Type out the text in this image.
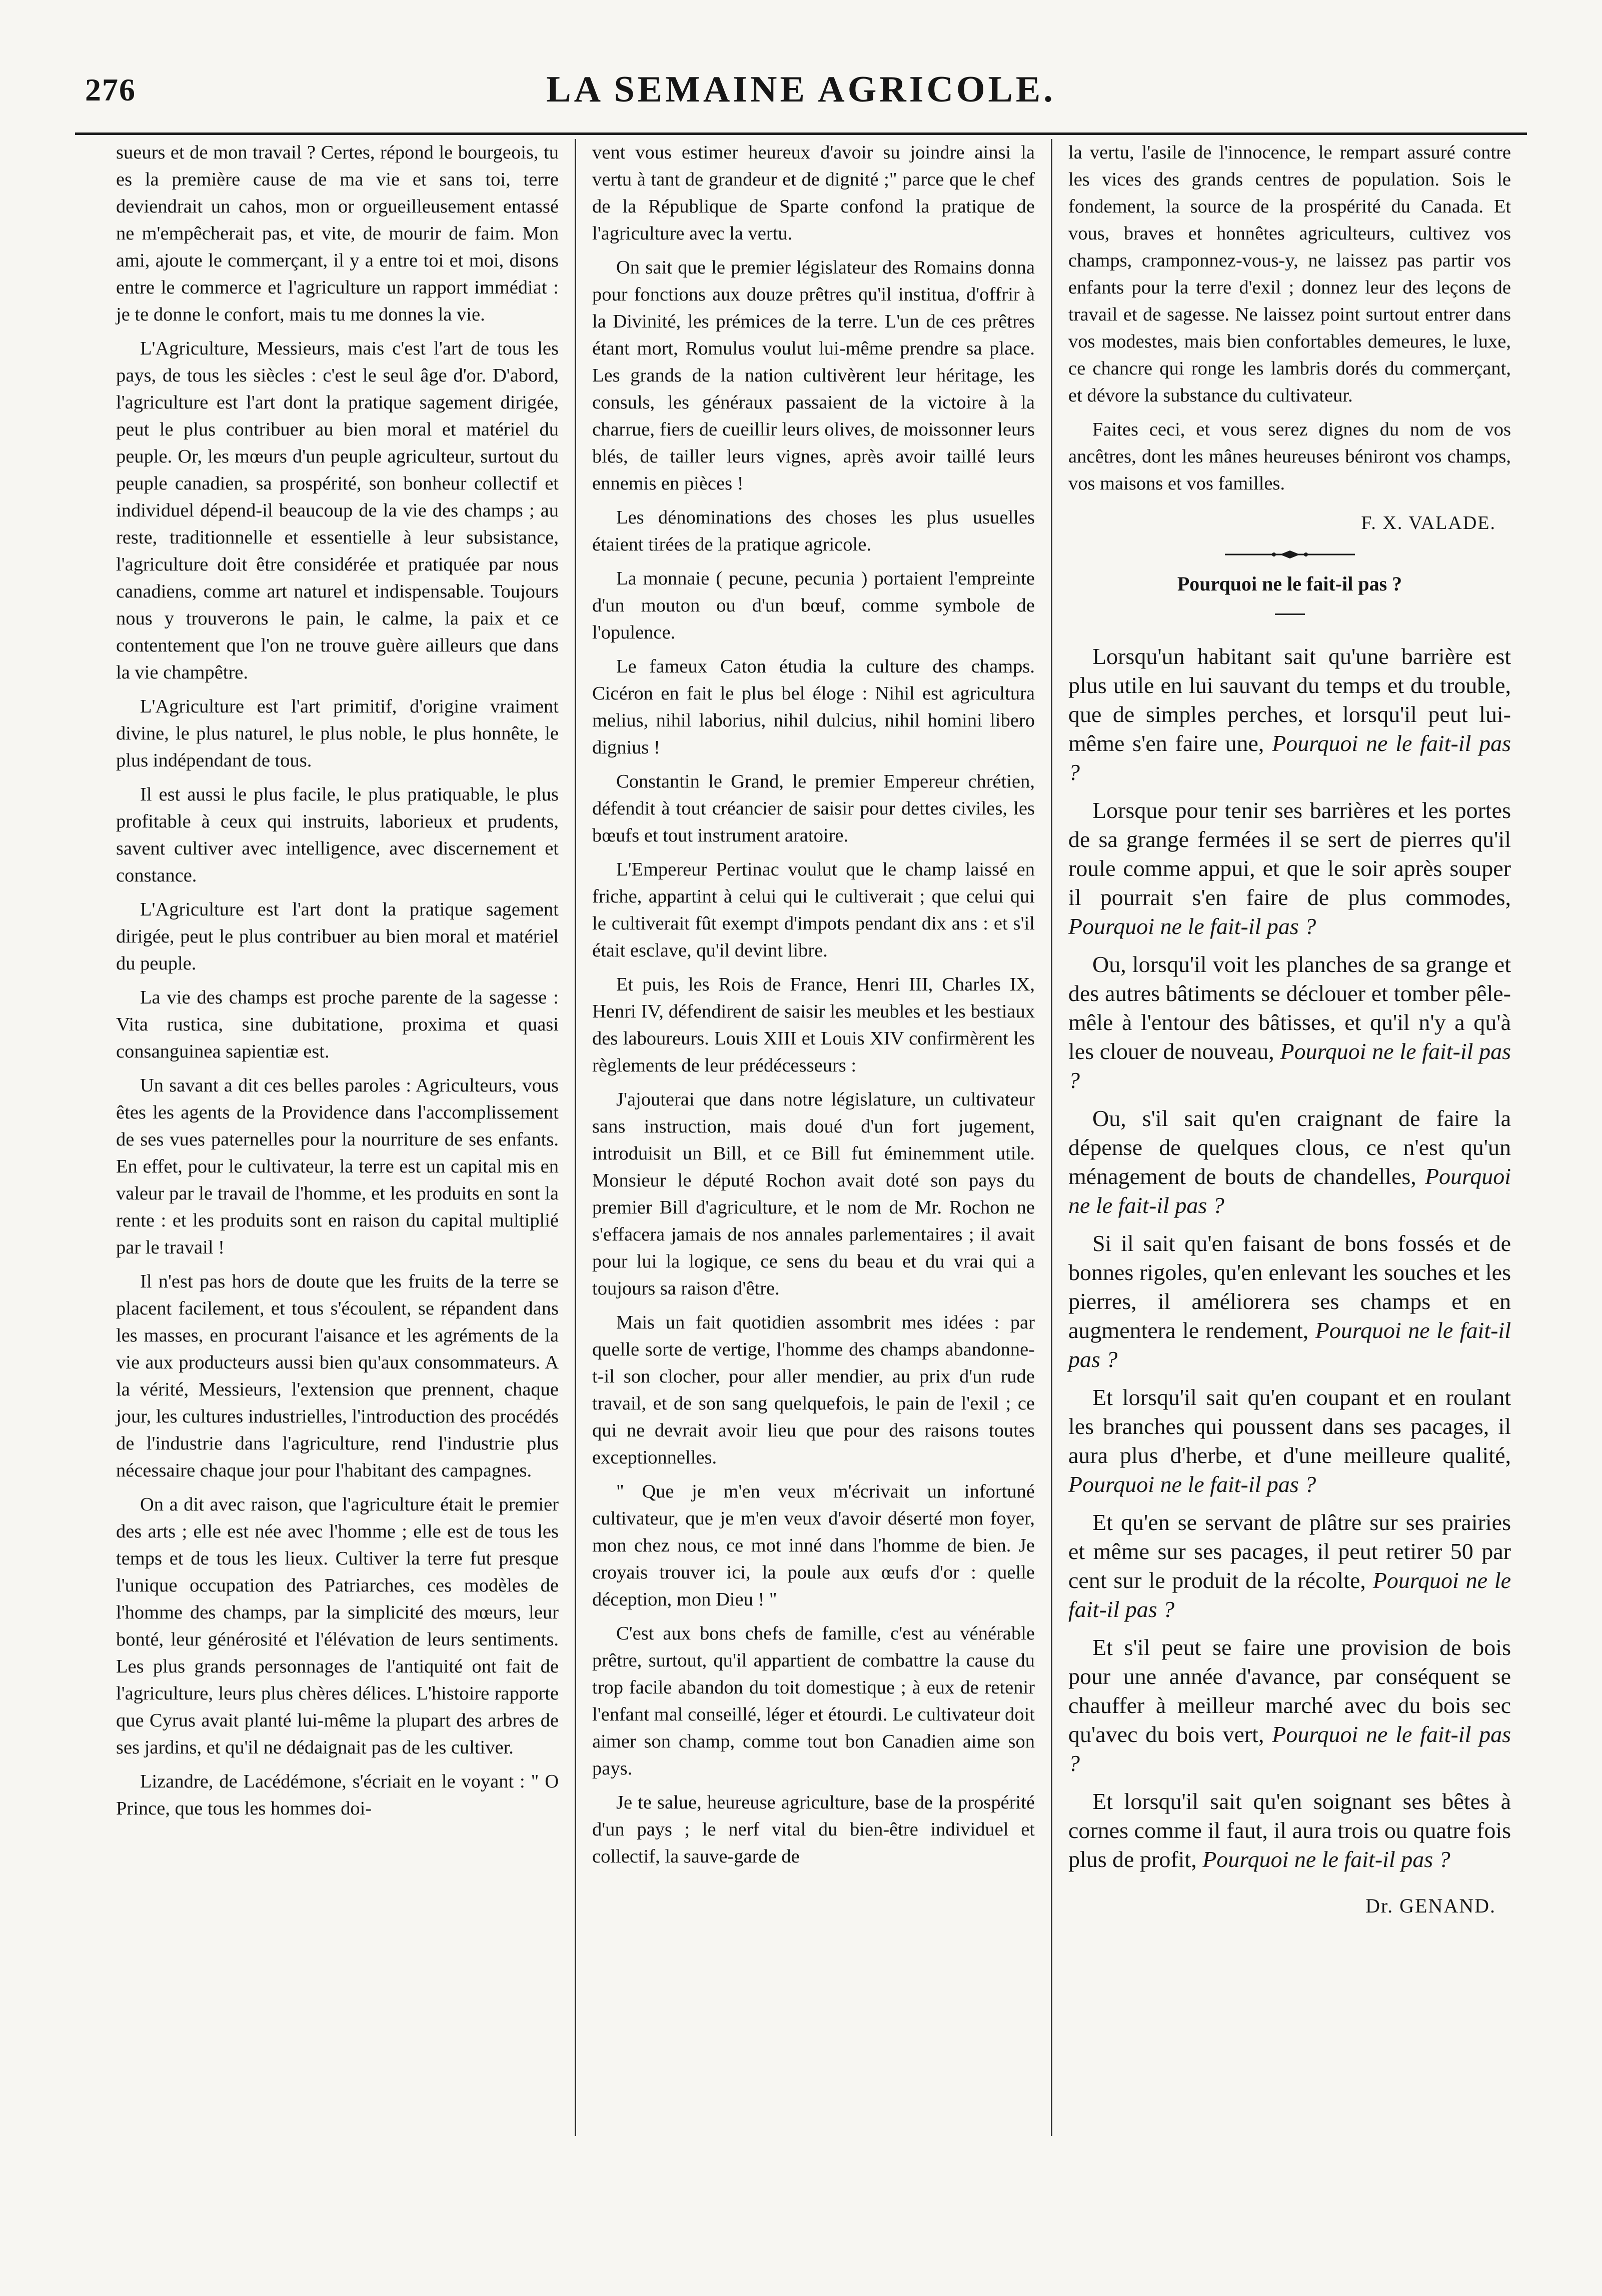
276	LA SEMAINE AGRICOLE.

sueurs et de mon travail ? Certes, répond le bourgeois, tu es la première cause de ma vie et sans toi, terre deviendrait un cahos, mon or orgueilleusement entassé ne m'empêcherait pas, et vite, de mourir de faim. Mon ami, ajoute le commerçant, il y a entre toi et moi, disons entre le commerce et l'agriculture un rapport immédiat : je te donne le confort, mais tu me donnes la vie.

L'Agriculture, Messieurs, mais c'est l'art de tous les pays, de tous les siècles : c'est le seul âge d'or. D'abord, l'agriculture est l'art dont la pratique sagement dirigée, peut le plus contribuer au bien moral et matériel du peuple. Or, les mœurs d'un peuple agriculteur, surtout du peuple canadien, sa prospérité, son bonheur collectif et individuel dépend-il beaucoup de la vie des champs ; au reste, traditionnelle et essentielle à leur subsistance, l'agriculture doit être considérée et pratiquée par nous canadiens, comme art naturel et indispensable. Toujours nous y trouverons le pain, le calme, la paix et ce contentement que l'on ne trouve guère ailleurs que dans la vie champêtre.

L'Agriculture est l'art primitif, d'origine vraiment divine, le plus naturel, le plus noble, le plus honnête, le plus indépendant de tous.

Il est aussi le plus facile, le plus pratiquable, le plus profitable à ceux qui instruits, laborieux et prudents, savent cultiver avec intelligence, avec discernement et constance.

L'Agriculture est l'art dont la pratique sagement dirigée, peut le plus contribuer au bien moral et matériel du peuple.

La vie des champs est proche parente de la sagesse : Vita rustica, sine dubitatione, proxima et quasi consanguinea sapientiæ est.

Un savant a dit ces belles paroles : Agriculteurs, vous êtes les agents de la Providence dans l'accomplissement de ses vues paternelles pour la nourriture de ses enfants. En effet, pour le cultivateur, la terre est un capital mis en valeur par le travail de l'homme, et les produits en sont la rente : et les produits sont en raison du capital multiplié par le travail !

Il n'est pas hors de doute que les fruits de la terre se placent facilement, et tous s'écoulent, se répandent dans les masses, en procurant l'aisance et les agréments de la vie aux producteurs aussi bien qu'aux consommateurs. A la vérité, Messieurs, l'extension que prennent, chaque jour, les cultures industrielles, l'introduction des procédés de l'industrie dans l'agriculture, rend l'industrie plus nécessaire chaque jour pour l'habitant des campagnes.

On a dit avec raison, que l'agriculture était le premier des arts ; elle est née avec l'homme ; elle est de tous les temps et de tous les lieux. Cultiver la terre fut presque l'unique occupation des Patriarches, ces modèles de l'homme des champs, par la simplicité des mœurs, leur bonté, leur générosité et l'élévation de leurs sentiments. Les plus grands personnages de l'antiquité ont fait de l'agriculture, leurs plus chères délices. L'histoire rapporte que Cyrus avait planté lui-même la plupart des arbres de ses jardins, et qu'il ne dédaignait pas de les cultiver.

Lizandre, de Lacédémone, s'écriait en le voyant : " O Prince, que tous les hommes doi-

vent vous estimer heureux d'avoir su joindre ainsi la vertu à tant de grandeur et de dignité ;" parce que le chef de la République de Sparte confond la pratique de l'agriculture avec la vertu.

On sait que le premier législateur des Romains donna pour fonctions aux douze prêtres qu'il institua, d'offrir à la Divinité, les prémices de la terre. L'un de ces prêtres étant mort, Romulus voulut lui-même prendre sa place. Les grands de la nation cultivèrent leur héritage, les consuls, les généraux passaient de la victoire à la charrue, fiers de cueillir leurs olives, de moissonner leurs blés, de tailler leurs vignes, après avoir taillé leurs ennemis en pièces !

Les dénominations des choses les plus usuelles étaient tirées de la pratique agricole.

La monnaie ( pecune, pecunia ) portaient l'empreinte d'un mouton ou d'un bœuf, comme symbole de l'opulence.

Le fameux Caton étudia la culture des champs. Cicéron en fait le plus bel éloge : Nihil est agricultura melius, nihil laborius, nihil dulcius, nihil homini libero dignius !

Constantin le Grand, le premier Empereur chrétien, défendit à tout créancier de saisir pour dettes civiles, les bœufs et tout instrument aratoire.

L'Empereur Pertinac voulut que le champ laissé en friche, appartint à celui qui le cultiverait ; que celui qui le cultiverait fût exempt d'impots pendant dix ans : et s'il était esclave, qu'il devint libre.

Et puis, les Rois de France, Henri III, Charles IX, Henri IV, défendirent de saisir les meubles et les bestiaux des laboureurs. Louis XIII et Louis XIV confirmèrent les règlements de leur prédécesseurs :

J'ajouterai que dans notre législature, un cultivateur sans instruction, mais doué d'un fort jugement, introduisit un Bill, et ce Bill fut éminemment utile. Monsieur le député Rochon avait doté son pays du premier Bill d'agriculture, et le nom de Mr. Rochon ne s'effacera jamais de nos annales parlementaires ; il avait pour lui la logique, ce sens du beau et du vrai qui a toujours sa raison d'être.

Mais un fait quotidien assombrit mes idées : par quelle sorte de vertige, l'homme des champs abandonne-t-il son clocher, pour aller mendier, au prix d'un rude travail, et de son sang quelquefois, le pain de l'exil ; ce qui ne devrait avoir lieu que pour des raisons toutes exceptionnelles.

" Que je m'en veux m'écrivait un infortuné cultivateur, que je m'en veux d'avoir déserté mon foyer, mon chez nous, ce mot inné dans l'homme de bien. Je croyais trouver ici, la poule aux œufs d'or : quelle déception, mon Dieu ! "

C'est aux bons chefs de famille, c'est au vénérable prêtre, surtout, qu'il appartient de combattre la cause du trop facile abandon du toit domestique ; à eux de retenir l'enfant mal conseillé, léger et étourdi. Le cultivateur doit aimer son champ, comme tout bon Canadien aime son pays.

Je te salue, heureuse agriculture, base de la prospérité d'un pays ; le nerf vital du bien-être individuel et collectif, la sauve-garde de

la vertu, l'asile de l'innocence, le rempart assuré contre les vices des grands centres de population. Sois le fondement, la source de la prospérité du Canada. Et vous, braves et honnêtes agriculteurs, cultivez vos champs, cramponnez-vous-y, ne laissez pas partir vos enfants pour la terre d'exil ; donnez leur des leçons de travail et de sagesse. Ne laissez point surtout entrer dans vos modestes, mais bien confortables demeures, le luxe, ce chancre qui ronge les lambris dorés du commerçant, et dévore la substance du cultivateur.

Faites ceci, et vous serez dignes du nom de vos ancêtres, dont les mânes heureuses béniront vos champs, vos maisons et vos familles.

F. X. VALADE.
Pourquoi ne le fait-il pas ?

Lorsqu'un habitant sait qu'une barrière est plus utile en lui sauvant du temps et du trouble, que de simples perches, et lorsqu'il peut lui-même s'en faire une, Pourquoi ne le fait-il pas ?

Lorsque pour tenir ses barrières et les portes de sa grange fermées il se sert de pierres qu'il roule comme appui, et que le soir après souper il pourrait s'en faire de plus commodes, Pourquoi ne le fait-il pas ?

Ou, lorsqu'il voit les planches de sa grange et des autres bâtiments se déclouer et tomber pêle-mêle à l'entour des bâtisses, et qu'il n'y a qu'à les clouer de nouveau, Pourquoi ne le fait-il pas ?

Ou, s'il sait qu'en craignant de faire la dépense de quelques clous, ce n'est qu'un ménagement de bouts de chandelles, Pourquoi ne le fait-il pas ?

Si il sait qu'en faisant de bons fossés et de bonnes rigoles, qu'en enlevant les souches et les pierres, il améliorera ses champs et en augmentera le rendement, Pourquoi ne le fait-il pas ?

Et lorsqu'il sait qu'en coupant et en roulant les branches qui poussent dans ses pacages, il aura plus d'herbe, et d'une meilleure qualité, Pourquoi ne le fait-il pas ?

Et qu'en se servant de plâtre sur ses prairies et même sur ses pacages, il peut retirer 50 par cent sur le produit de la récolte, Pourquoi ne le fait-il pas ?

Et s'il peut se faire une provision de bois pour une année d'avance, par conséquent se chauffer à meilleur marché avec du bois sec qu'avec du bois vert, Pourquoi ne le fait-il pas ?

Et lorsqu'il sait qu'en soignant ses bêtes à cornes comme il faut, il aura trois ou quatre fois plus de profit, Pourquoi ne le fait-il pas ?

Dr. GENAND.
